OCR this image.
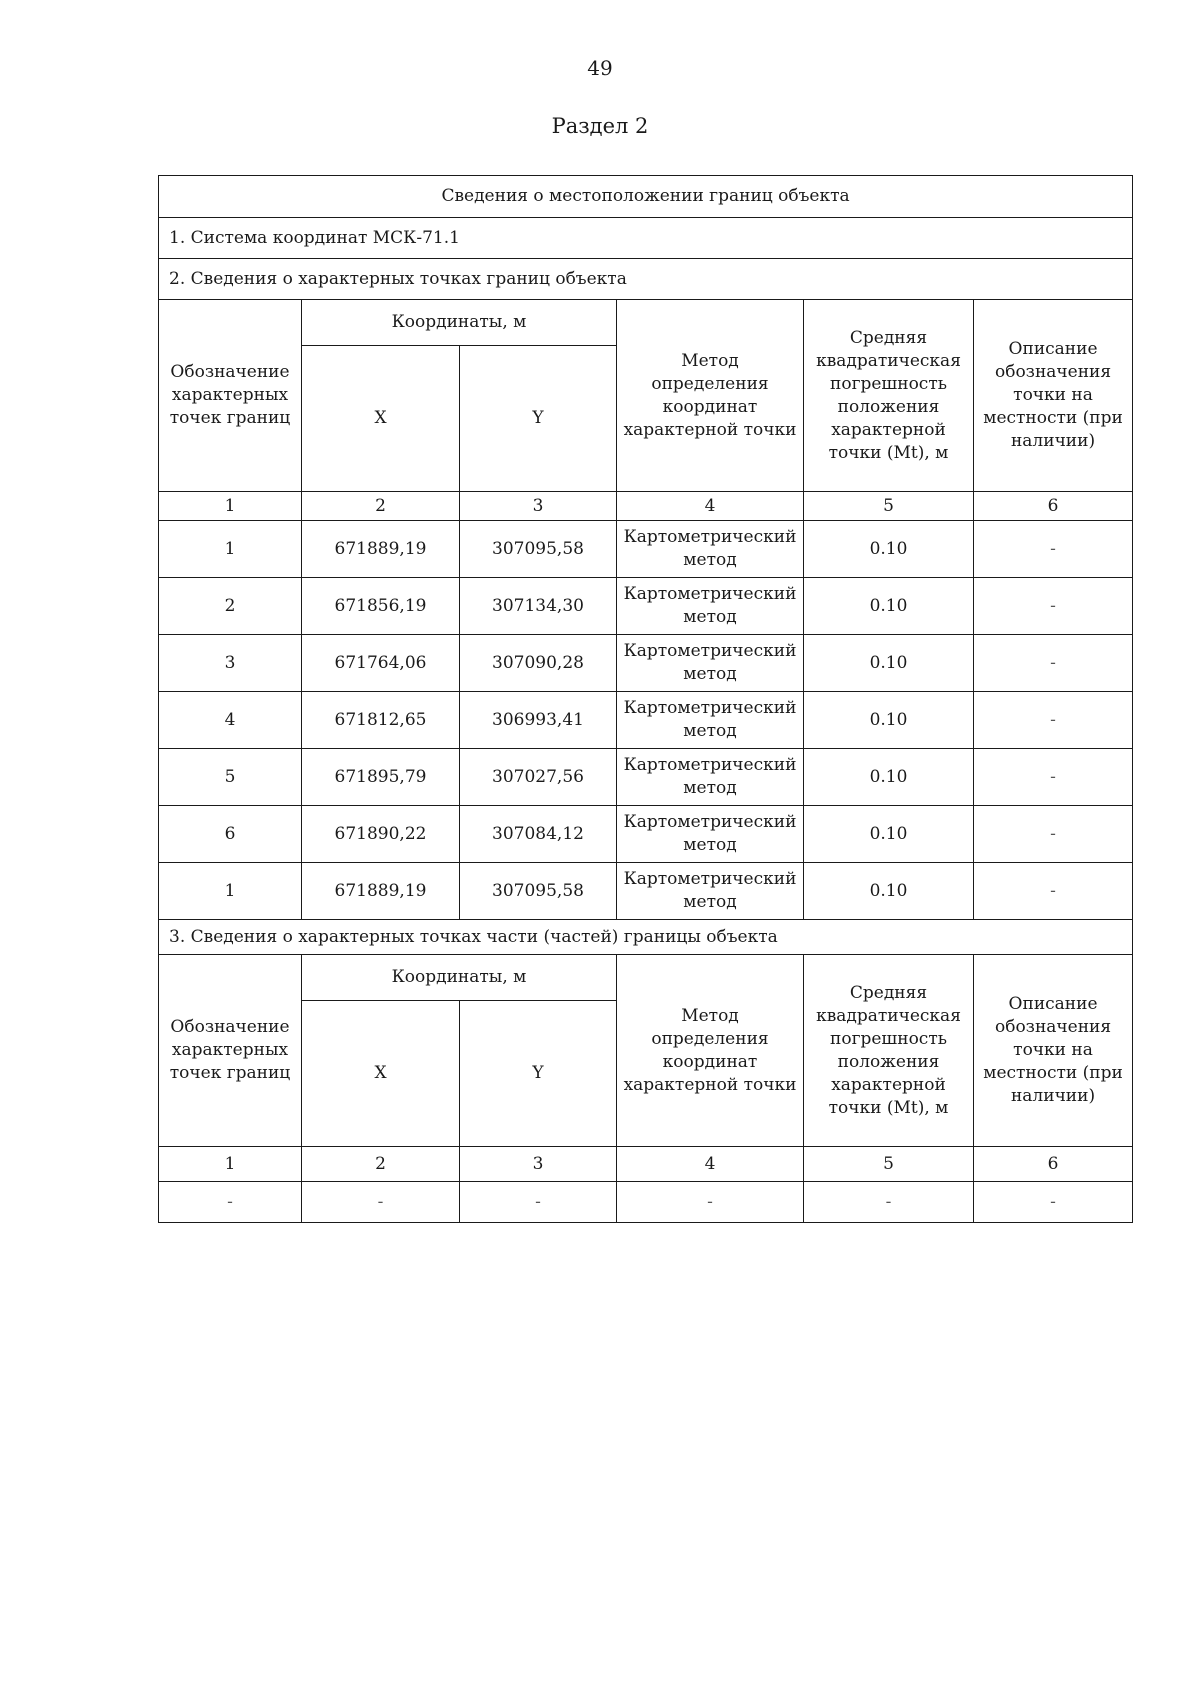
49
Раздел 2
Сведения о местоположении границ объекта					
1. Система координат МСК-71.1					
2. Сведения о характерных точках границ объекта					
Обозначение характерных точек границ	Координаты, м		Метод определения координат характерной точки	Средняя квадратическая погрешность положения характерной точки (Mt), м	Описание обозначения точки на местности (при наличии)
	X	Y			
1	2	3	4	5	6
1	671889,19	307095,58	Картометрический метод	0.10	-
2	671856,19	307134,30	Картометрический метод	0.10	-
3	671764,06	307090,28	Картометрический метод	0.10	-
4	671812,65	306993,41	Картометрический метод	0.10	-
5	671895,79	307027,56	Картометрический метод	0.10	-
6	671890,22	307084,12	Картометрический метод	0.10	-
1	671889,19	307095,58	Картометрический метод	0.10	-
3. Сведения о характерных точках части (частей) границы объекта					
Обозначение характерных точек границ	Координаты, м		Метод определения координат характерной точки	Средняя квадратическая погрешность положения характерной точки (Mt), м	Описание обозначения точки на местности (при наличии)
	X	Y			
1	2	3	4	5	6
-	-	-	-	-	-
